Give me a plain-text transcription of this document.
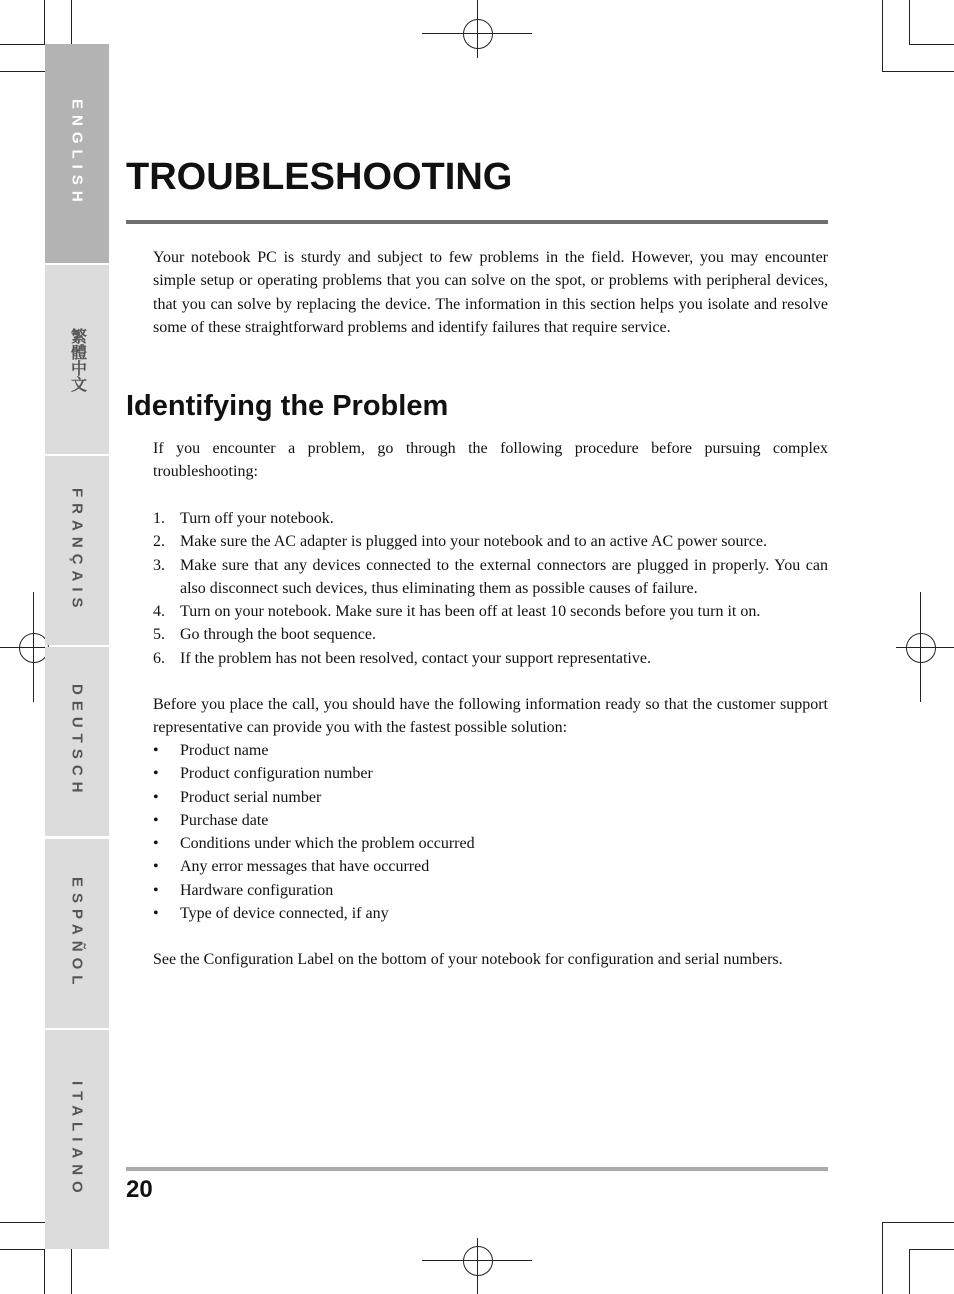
ENGLISH
繁體中文
FRANÇAIS
DEUTSCH
ESPAÑOL
ITALIANO
TROUBLESHOOTING

Your notebook PC is sturdy and subject to few problems in the field. However, you may encounter simple setup or operating problems that you can solve on the spot, or problems with peripheral devices, that you can solve by replacing the device. The information in this section helps you isolate and resolve some of these straightforward problems and identify failures that require service.

Identifying the Problem

If you encounter a problem, go through the following procedure before pursuing complex troubleshooting:

1. Turn off your notebook.
2. Make sure the AC adapter is plugged into your notebook and to an active AC power source.
3. Make sure that any devices connected to the external connectors are plugged in properly. You can also disconnect such devices, thus eliminating them as possible causes of failure.
4. Turn on your notebook. Make sure it has been off at least 10 seconds before you turn it on.
5. Go through the boot sequence.
6. If the problem has not been resolved, contact your support representative.

Before you place the call, you should have the following information ready so that the customer support representative can provide you with the fastest possible solution:

• Product name
• Product configuration number
• Product serial number
• Purchase date
• Conditions under which the problem occurred
• Any error messages that have occurred
• Hardware configuration
• Type of device connected, if any

See the Configuration Label on the bottom of your notebook for configuration and serial numbers.

20
